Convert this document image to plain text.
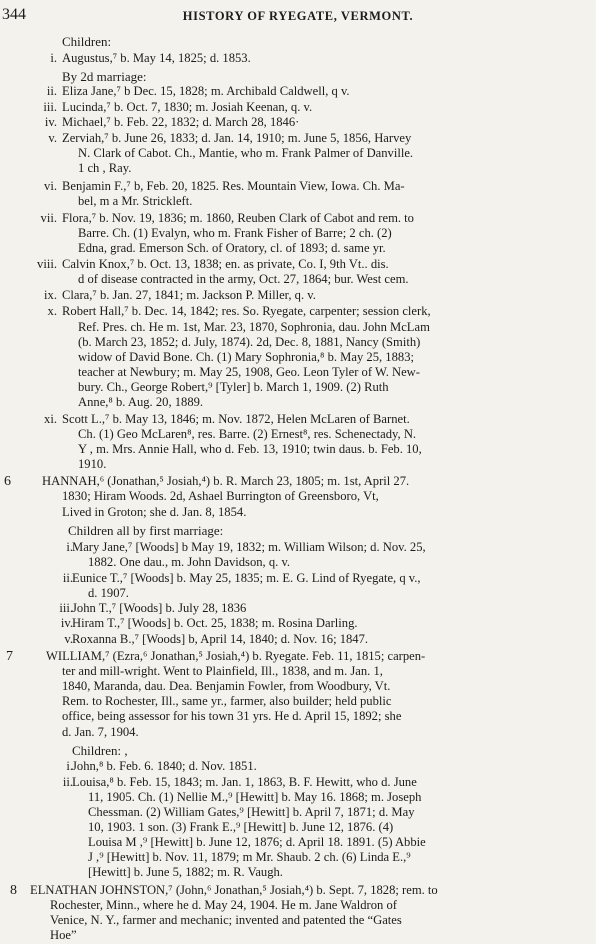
344	HISTORY OF RYEGATE, VERMONT.
Children:
i. Augustus,⁷ b. May 14, 1825; d. 1853.
By 2d marriage:
ii. Eliza Jane,⁷ b Dec. 15, 1828; m. Archibald Caldwell, q v.
iii. Lucinda,⁷ b. Oct. 7, 1830; m. Josiah Keenan, q. v.
iv. Michael,⁷ b. Feb. 22, 1832; d. March 28, 1846·
v. Zerviah,⁷ b. June 26, 1833; d. Jan. 14, 1910; m. June 5, 1856, Harvey
N. Clark of Cabot. Ch., Mantie, who m. Frank Palmer of Danville.
1 ch , Ray.
vi. Benjamin F.,⁷ b, Feb. 20, 1825. Res. Mountain View, Iowa. Ch. Ma-
bel, m a Mr. Strickleft.
vii. Flora,⁷ b. Nov. 19, 1836; m. 1860, Reuben Clark of Cabot and rem. to
Barre. Ch. (1) Evalyn, who m. Frank Fisher of Barre; 2 ch. (2)
Edna, grad. Emerson Sch. of Oratory, cl. of 1893; d. same yr.
viii. Calvin Knox,⁷ b. Oct. 13, 1838; en. as private, Co. I, 9th Vt.. dis.
d of disease contracted in the army, Oct. 27, 1864; bur. West cem.
ix. Clara,⁷ b. Jan. 27, 1841; m. Jackson P. Miller, q. v.
x. Robert Hall,⁷ b. Dec. 14, 1842; res. So. Ryegate, carpenter; session clerk,
Ref. Pres. ch. He m. 1st, Mar. 23, 1870, Sophronia, dau. John McLam
(b. March 23, 1852; d. July, 1874). 2d, Dec. 8, 1881, Nancy (Smith)
widow of David Bone. Ch. (1) Mary Sophronia,⁸ b. May 25, 1883;
teacher at Newbury; m. May 25, 1908, Geo. Leon Tyler of W. New-
bury. Ch., George Robert,⁹ [Tyler] b. March 1, 1909. (2) Ruth
Anne,⁸ b. Aug. 20, 1889.
xi. Scott L.,⁷ b. May 13, 1846; m. Nov. 1872, Helen McLaren of Barnet.
Ch. (1) Geo McLaren⁸, res. Barre. (2) Ernest⁸, res. Schenectady, N.
Y , m. Mrs. Annie Hall, who d. Feb. 13, 1910; twin daus. b. Feb. 10,
1910.
6 HANNAH,⁶ (Jonathan,⁵ Josiah,⁴) b. R. March 23, 1805; m. 1st, April 27.
1830; Hiram Woods. 2d, Ashael Burrington of Greensboro, Vt,
Lived in Groton; she d. Jan. 8, 1854.
Children all by first marriage:
i. Mary Jane,⁷ [Woods] b May 19, 1832; m. William Wilson; d. Nov. 25,
1882. One dau., m. John Davidson, q. v.
ii. Eunice T.,⁷ [Woods] b. May 25, 1835; m. E. G. Lind of Ryegate, q v.,
d. 1907.
iii. John T.,⁷ [Woods] b. July 28, 1836
iv. Hiram T.,⁷ [Woods] b. Oct. 25, 1838; m. Rosina Darling.
v. Roxanna B.,⁷ [Woods] b, April 14, 1840; d. Nov. 16; 1847.
7	WILLIAM,⁷ (Ezra,⁶ Jonathan,⁵ Josiah,⁴) b. Ryegate. Feb. 11, 1815; carpen-
ter and mill-wright. Went to Plainfield, Ill., 1838, and m. Jan. 1,
1840, Maranda, dau. Dea. Benjamin Fowler, from Woodbury, Vt.
Rem. to Rochester, Ill., same yr., farmer, also builder; held public
office, being assessor for his town 31 yrs. He d. April 15, 1892; she
d. Jan. 7, 1904.
Children: ,
i. John,⁸ b. Feb. 6. 1840; d. Nov. 1851.
ii. Louisa,⁸ b. Feb. 15, 1843; m. Jan. 1, 1863, B. F. Hewitt, who d. June
11, 1905. Ch. (1) Nellie M.,⁹ [Hewitt] b. May 16. 1868; m. Joseph
Chessman. (2) William Gates,⁹ [Hewitt] b. April 7, 1871; d. May
10, 1903. 1 son. (3) Frank E.,⁹ [Hewitt] b. June 12, 1876. (4)
Louisa M ,⁹ [Hewitt] b. June 12, 1876; d. April 18. 1891. (5) Abbie
J ,⁹ [Hewitt] b. Nov. 11, 1879; m Mr. Shaub. 2 ch. (6) Linda E.,⁹
[Hewitt] b. June 5, 1882; m. R. Vaugh.
8 ELNATHAN JOHNSTON,⁷ (John,⁶ Jonathan,⁵ Josiah,⁴) b. Sept. 7, 1828; rem. to
Rochester, Minn., where he d. May 24, 1904. He m. Jane Waldron of
Venice, N. Y., farmer and mechanic; invented and patented the “Gates
Hoe”
